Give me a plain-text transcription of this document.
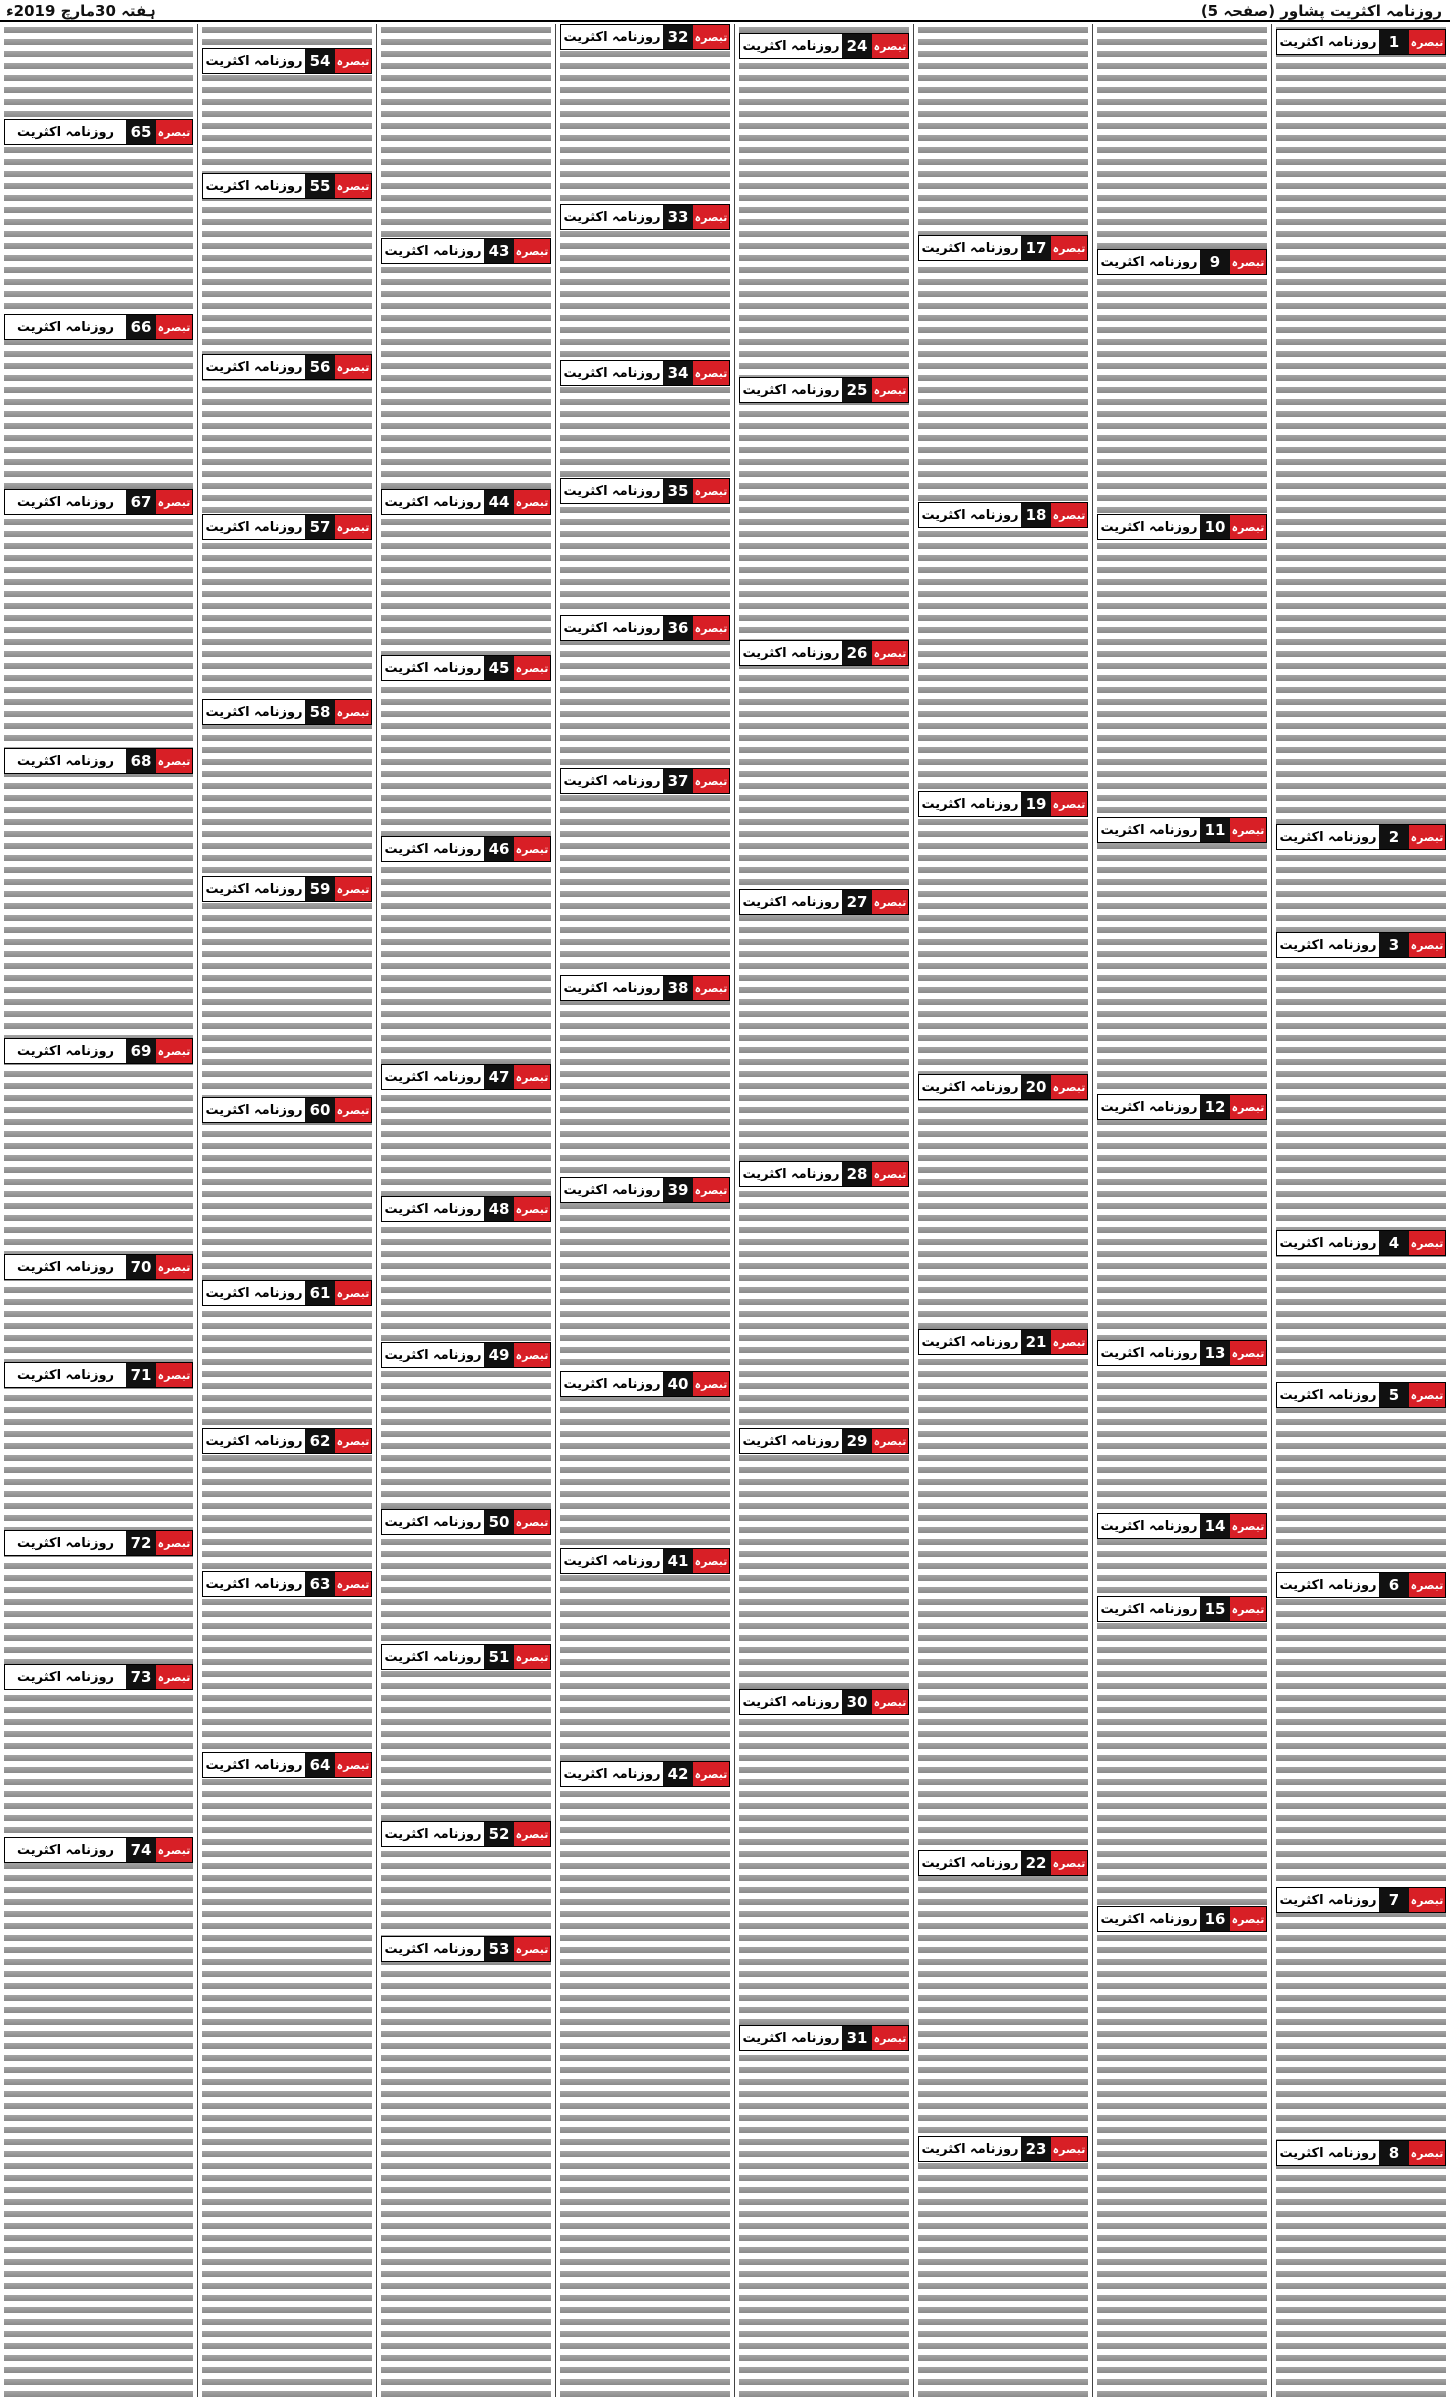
ہفتہ 30مارچ 2019ء	روزنامہ اکثریت پشاور (صفحہ 5)
روزنامہ اکثریت 1	تبصرہ
روزنامہ اکثریت 2	تبصرہ
روزنامہ اکثریت 3	تبصرہ
روزنامہ اکثریت 4	تبصرہ
روزنامہ اکثریت 5	تبصرہ
روزنامہ اکثریت 6	تبصرہ
روزنامہ اکثریت 7	تبصرہ
روزنامہ اکثریت 8	تبصرہ
روزنامہ اکثریت 9	تبصرہ
روزنامہ اکثریت 10 تبصرہ
روزنامہ اکثریت 11 تبصرہ
روزنامہ اکثریت 12 تبصرہ
روزنامہ اکثریت 13 تبصرہ
روزنامہ اکثریت 14 تبصرہ
روزنامہ اکثریت 15 تبصرہ
روزنامہ اکثریت 16 تبصرہ
روزنامہ اکثریت 17 تبصرہ
روزنامہ اکثریت 18 تبصرہ
روزنامہ اکثریت 19 تبصرہ
روزنامہ اکثریت 20 تبصرہ
روزنامہ اکثریت 21 تبصرہ
روزنامہ اکثریت 22 تبصرہ
روزنامہ اکثریت 23 تبصرہ
روزنامہ اکثریت 24 تبصرہ
روزنامہ اکثریت 25 تبصرہ
روزنامہ اکثریت 26 تبصرہ
روزنامہ اکثریت 27 تبصرہ
روزنامہ اکثریت 28 تبصرہ
روزنامہ اکثریت 29 تبصرہ
روزنامہ اکثریت 30 تبصرہ
روزنامہ اکثریت 31 تبصرہ
روزنامہ اکثریت 32 تبصرہ
روزنامہ اکثریت 33 تبصرہ
روزنامہ اکثریت 34 تبصرہ
روزنامہ اکثریت 35 تبصرہ
روزنامہ اکثریت 36 تبصرہ
روزنامہ اکثریت 37 تبصرہ
روزنامہ اکثریت 38 تبصرہ
روزنامہ اکثریت 39 تبصرہ
روزنامہ اکثریت 40 تبصرہ
روزنامہ اکثریت 41 تبصرہ
روزنامہ اکثریت 42 تبصرہ
روزنامہ اکثریت 43 تبصرہ
روزنامہ اکثریت 44 تبصرہ
روزنامہ اکثریت 45 تبصرہ
روزنامہ اکثریت 46 تبصرہ
روزنامہ اکثریت 47 تبصرہ
روزنامہ اکثریت 48 تبصرہ
روزنامہ اکثریت 49 تبصرہ
روزنامہ اکثریت 50 تبصرہ
روزنامہ اکثریت 51 تبصرہ
روزنامہ اکثریت 52 تبصرہ
روزنامہ اکثریت 53 تبصرہ
روزنامہ اکثریت 54 تبصرہ
روزنامہ اکثریت 55 تبصرہ
روزنامہ اکثریت 56 تبصرہ
روزنامہ اکثریت 57 تبصرہ
روزنامہ اکثریت 58 تبصرہ
روزنامہ اکثریت 59 تبصرہ
روزنامہ اکثریت 60 تبصرہ
روزنامہ اکثریت 61 تبصرہ
روزنامہ اکثریت 62 تبصرہ
روزنامہ اکثریت 63 تبصرہ
روزنامہ اکثریت 64 تبصرہ
روزنامہ اکثریت	65 تبصرہ
روزنامہ اکثریت	66 تبصرہ
روزنامہ اکثریت	67 تبصرہ
روزنامہ اکثریت	68 تبصرہ
روزنامہ اکثریت	69 تبصرہ
روزنامہ اکثریت	70 تبصرہ
روزنامہ اکثریت	71 تبصرہ
روزنامہ اکثریت	72 تبصرہ
روزنامہ اکثریت	73 تبصرہ
روزنامہ اکثریت	74 تبصرہ
